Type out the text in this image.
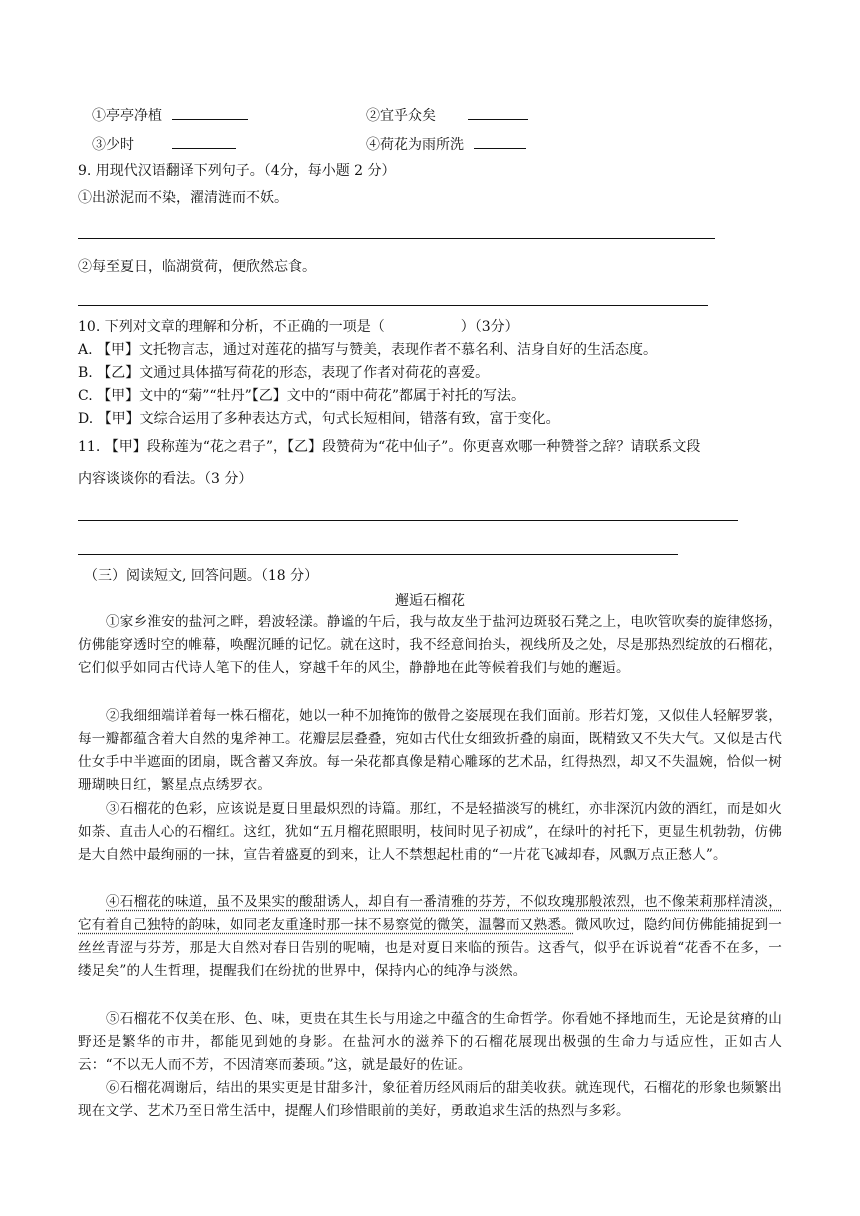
①亭亭净植	②宜乎众矣
③少时	④荷花为雨所洗
9. 用现代汉语翻译下列句子。（4分，每小题 2 分）
①出淤泥而不染，濯清涟而不妖。
②每至夏日，临湖赏荷，便欣然忘食。
10. 下列对文章的理解和分析，不正确的一项是（	）（3分）
A. 【甲】文托物言志，通过对莲花的描写与赞美，表现作者不慕名利、洁身自好的生活态度。
B. 【乙】文通过具体描写荷花的形态，表现了作者对荷花的喜爱。
C. 【甲】文中的“菊”“牡丹”【乙】文中的“雨中荷花”都属于衬托的写法。
D. 【甲】文综合运用了多种表达方式，句式长短相间，错落有致，富于变化。
11. 【甲】段称莲为“花之君子”，【乙】段赞荷为“花中仙子”。你更喜欢哪一种赞誉之辞？请联系文段
内容谈谈你的看法。（3 分）
（三）阅读短文, 回答问题。（18 分）
邂逅石榴花
①家乡淮安的盐河之畔，碧波轻漾。静谧的午后，我与故友坐于盐河边斑驳石凳之上，电吹管吹奏的旋律悠扬，仿佛能穿透时空的帷幕，唤醒沉睡的记忆。就在这时，我不经意间抬头，视线所及之处，尽是那热烈绽放的石榴花，它们似乎如同古代诗人笔下的佳人，穿越千年的风尘，静静地在此等候着我们与她的邂逅。
②我细细端详着每一株石榴花，她以一种不加掩饰的傲骨之姿展现在我们面前。形若灯笼，又似佳人轻解罗裳，每一瓣都蕴含着大自然的鬼斧神工。花瓣层层叠叠，宛如古代仕女细致折叠的扇面，既精致又不失大气。又似是古代仕女手中半遮面的团扇，既含蓄又奔放。每一朵花都真像是精心雕琢的艺术品，红得热烈，却又不失温婉，恰似一树珊瑚映日红，繁星点点绣罗衣。
③石榴花的色彩，应该说是夏日里最炽烈的诗篇。那红，不是轻描淡写的桃红，亦非深沉内敛的酒红，而是如火如荼、直击人心的石榴红。这红，犹如“五月榴花照眼明，枝间时见子初成”，在绿叶的衬托下，更显生机勃勃，仿佛是大自然中最绚丽的一抹，宣告着盛夏的到来，让人不禁想起杜甫的“一片花飞减却春，风飘万点正愁人”。
④石榴花的味道，虽不及果实的酸甜诱人，却自有一番清雅的芬芳，不似玫瑰那般浓烈，也不像茉莉那样清淡，它有着自己独特的韵味，如同老友重逢时那一抹不易察觉的微笑，温馨而又熟悉。微风吹过，隐约间仿佛能捕捉到一丝丝青涩与芬芳，那是大自然对春日告别的呢喃，也是对夏日来临的预告。这香气，似乎在诉说着“花香不在多，一缕足矣”的人生哲理，提醒我们在纷扰的世界中，保持内心的纯净与淡然。
⑤石榴花不仅美在形、色、味，更贵在其生长与用途之中蕴含的生命哲学。你看她不择地而生，无论是贫瘠的山野还是繁华的市井，都能见到她的身影。在盐河水的滋养下的石榴花展现出极强的生命力与适应性，正如古人云：“不以无人而不芳，不因清寒而萎顼。”这，就是最好的佐证。
⑥石榴花凋谢后，结出的果实更是甘甜多汁，象征着历经风雨后的甜美收获。就连现代，石榴花的形象也频繁出现在文学、艺术乃至日常生活中，提醒人们珍惜眼前的美好，勇敢追求生活的热烈与多彩。
